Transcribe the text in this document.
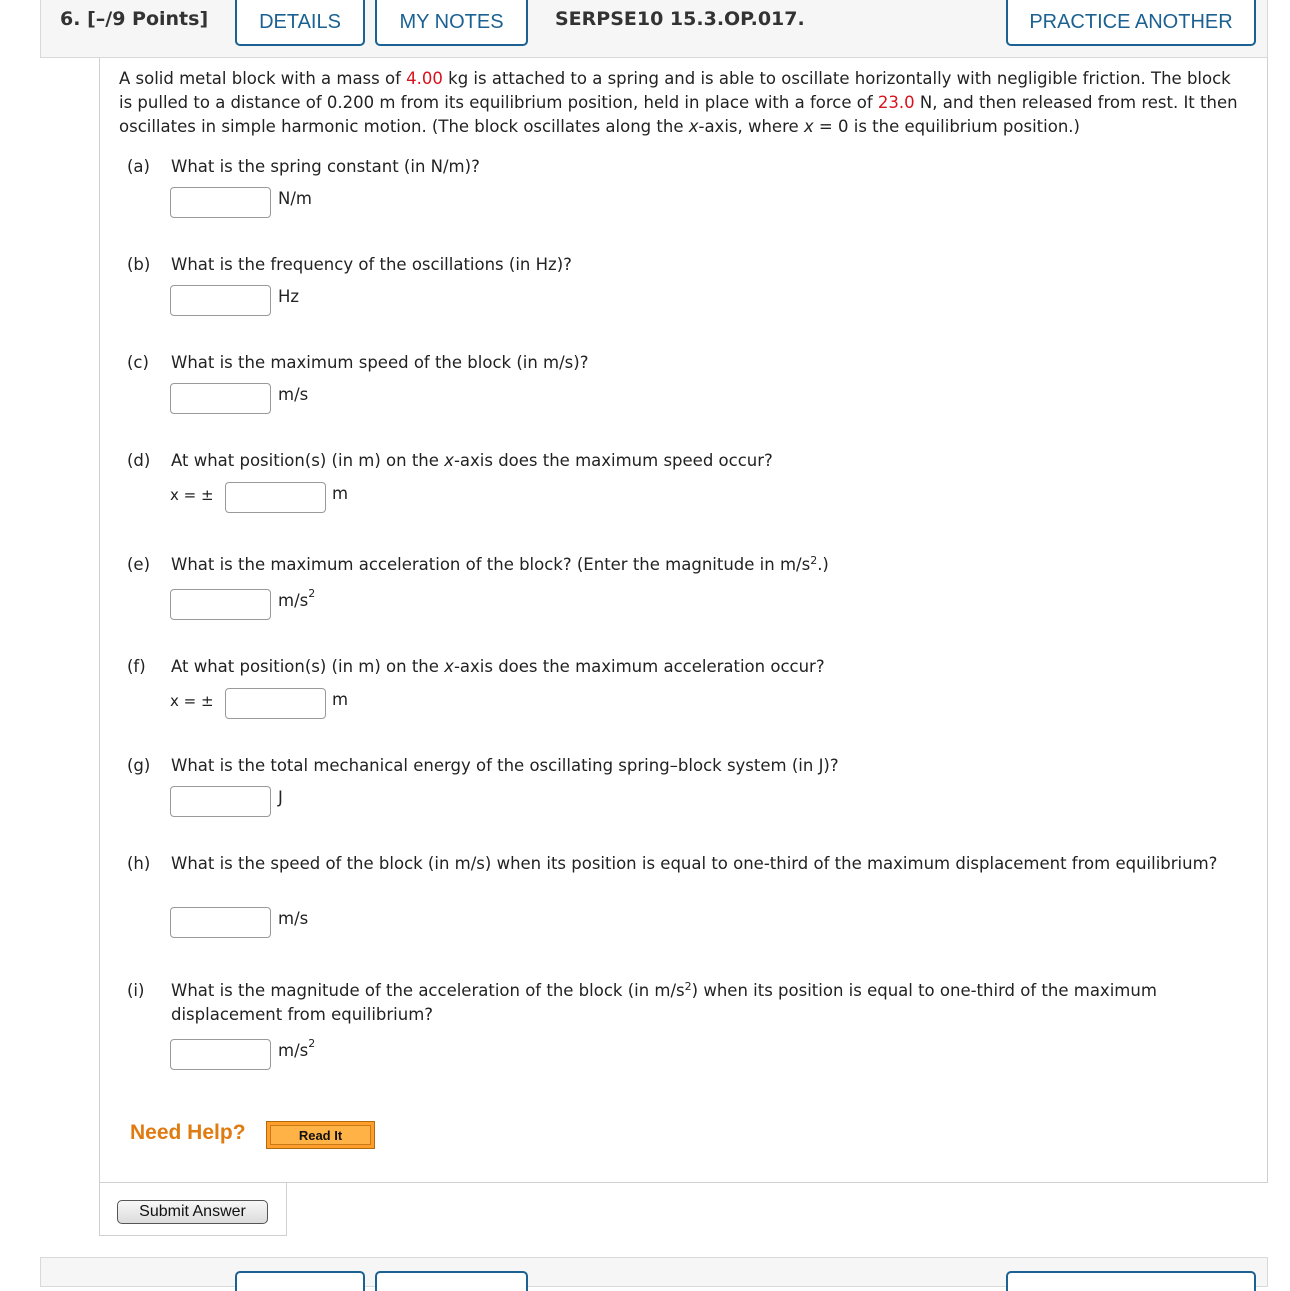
6. [–/9 Points]	DETAILS	MY NOTES	SERPSE10 15.3.OP.017.	PRACTICE ANOTHER
A solid metal block with a mass of 4.00 kg is attached to a spring and is able to oscillate horizontally with negligible friction. The block is pulled to a distance of 0.200 m from its equilibrium position, held in place with a force of 23.0 N, and then released from rest. It then oscillates in simple harmonic motion. (The block oscillates along the x-axis, where x = 0 is the equilibrium position.)
(a) What is the spring constant (in N/m)?
N/m
(b) What is the frequency of the oscillations (in Hz)?
Hz
(c) What is the maximum speed of the block (in m/s)?
m/s
(d) At what position(s) (in m) on the x-axis does the maximum speed occur?
x = ±	m
(e) What is the maximum acceleration of the block? (Enter the magnitude in $m/s^2$.)
$m/s^2$
(f) At what position(s) (in m) on the x-axis does the maximum acceleration occur?
x = ±	m
(g) What is the total mechanical energy of the oscillating spring–block system (in J)?
J
(h) What is the speed of the block (in m/s) when its position is equal to one-third of the maximum displacement from equilibrium?
m/s
(i) What is the magnitude of the acceleration of the block (in $m/s^2$) when its position is equal to one-third of the maximum displacement from equilibrium?
$m/s^2$
Need Help?	Read It
Submit Answer
